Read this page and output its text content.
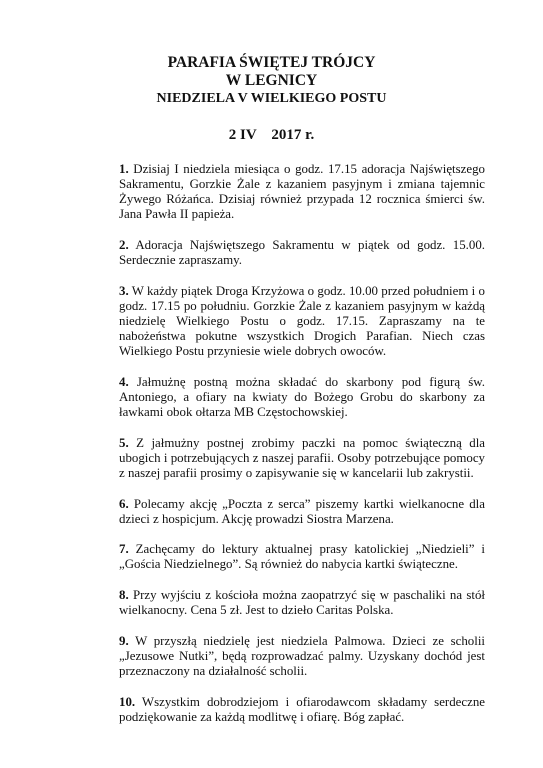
PARAFIA ŚWIĘTEJ TRÓJCY
W LEGNICY
NIEDZIELA V WIELKIEGO POSTU
2 IV    2017 r.

1. Dzisiaj I niedziela miesiąca o godz. 17.15 adoracja Najświętszego Sakramentu, Gorzkie Żale z kazaniem pasyjnym i zmiana tajemnic Żywego Różańca. Dzisiaj również przypada 12 rocznica śmierci św. Jana Pawła II papieża.

2. Adoracja Najświętszego Sakramentu w piątek od godz. 15.00. Serdecznie zapraszamy.

3. W każdy piątek Droga Krzyżowa o godz. 10.00 przed południem i o godz. 17.15 po południu. Gorzkie Żale z kazaniem pasyjnym w każdą niedzielę Wielkiego Postu o godz. 17.15. Zapraszamy na te nabożeństwa pokutne wszystkich Drogich Parafian. Niech czas Wielkiego Postu przyniesie wiele dobrych owoców.

4. Jałmużnę postną można składać do skarbony pod figurą św. Antoniego, a ofiary na kwiaty do Bożego Grobu do skarbony za ławkami obok ołtarza MB Częstochowskiej.

5. Z jałmużny postnej zrobimy paczki na pomoc świąteczną dla ubogich i potrzebujących z naszej parafii. Osoby potrzebujące pomocy z naszej parafii prosimy o zapisywanie się w kancelarii lub zakrystii.

6. Polecamy akcję „Poczta z serca” piszemy kartki wielkanocne dla dzieci z hospicjum. Akcję prowadzi Siostra Marzena.

7. Zachęcamy do lektury aktualnej prasy katolickiej „Niedzieli” i „Gościa Niedzielnego”. Są również do nabycia kartki świąteczne.

8. Przy wyjściu z kościoła można zaopatrzyć się w paschaliki na stół wielkanocny. Cena 5 zł. Jest to dzieło Caritas Polska.

9. W przyszłą niedzielę jest niedziela Palmowa. Dzieci ze scholii „Jezusowe Nutki”, będą rozprowadzać palmy. Uzyskany dochód jest przeznaczony na działalność scholii.

10. Wszystkim dobrodziejom i ofiarodawcom składamy serdeczne podziękowanie za każdą modlitwę i ofiarę. Bóg zapłać.
